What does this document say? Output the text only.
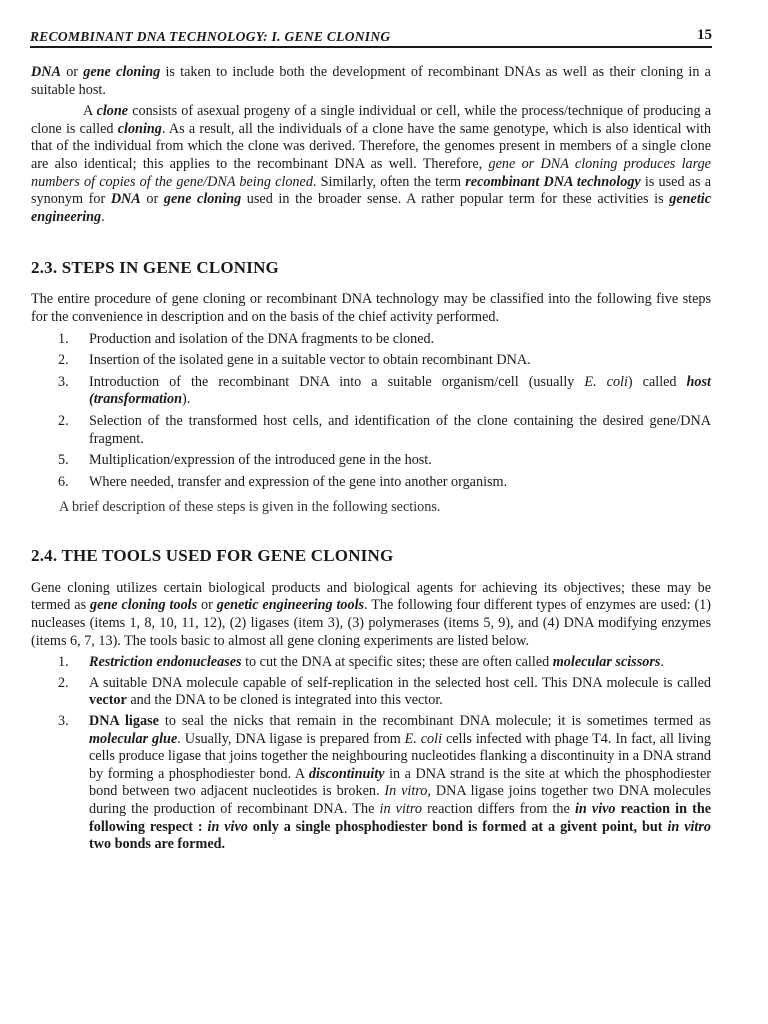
RECOMBINANT DNA TECHNOLOGY: I. GENE CLONING	15

DNA or gene cloning is taken to include both the development of recombinant DNAs as well as their cloning in a suitable host.

A clone consists of asexual progeny of a single individual or cell, while the process/technique of producing a clone is called cloning. As a result, all the individuals of a clone have the same genotype, which is also identical with that of the individual from which the clone was derived. Therefore, the genomes present in members of a single clone are also identical; this applies to the recombinant DNA as well. Therefore, gene or DNA cloning produces large numbers of copies of the gene/DNA being cloned. Similarly, often the term recombinant DNA technology is used as a synonym for DNA or gene cloning used in the broader sense. A rather popular term for these activities is genetic engineering.

2.3. STEPS IN GENE CLONING

The entire procedure of gene cloning or recombinant DNA technology may be classified into the following five steps for the convenience in description and on the basis of the chief activity performed.

1. Production and isolation of the DNA fragments to be cloned.
2. Insertion of the isolated gene in a suitable vector to obtain recombinant DNA.
3. Introduction of the recombinant DNA into a suitable organism/cell (usually E. coli) called host (transformation).
2. Selection of the transformed host cells, and identification of the clone containing the desired gene/DNA fragment.
5. Multiplication/expression of the introduced gene in the host.
6. Where needed, transfer and expression of the gene into another organism.

A brief description of these steps is given in the following sections.

2.4. THE TOOLS USED FOR GENE CLONING

Gene cloning utilizes certain biological products and biological agents for achieving its objectives; these may be termed as gene cloning tools or genetic engineering tools. The following four different types of enzymes are used: (1) nucleases (items 1, 8, 10, 11, 12), (2) ligases (item 3), (3) polymerases (items 5, 9), and (4) DNA modifying enzymes (items 6, 7, 13). The tools basic to almost all gene cloning experiments are listed below.

1. Restriction endonucleases to cut the DNA at specific sites; these are often called molecular scissors.
2. A suitable DNA molecule capable of self-replication in the selected host cell. This DNA molecule is called vector and the DNA to be cloned is integrated into this vector.
3. DNA ligase to seal the nicks that remain in the recombinant DNA molecule; it is sometimes termed as molecular glue. Usually, DNA ligase is prepared from E. coli cells infected with phage T4. In fact, all living cells produce ligase that joins together the neighbouring nucleotides flanking a discontinuity in a DNA strand by forming a phosphodiester bond. A discontinuity in a DNA strand is the site at which the phosphodiester bond between two adjacent nucleotides is broken. In vitro, DNA ligase joins together two DNA molecules during the production of recombinant DNA. The in vitro reaction differs from the in vivo reaction in the following respect : in vivo only a single phosphodiester bond is formed at a givent point, but in vitro two bonds are formed.
